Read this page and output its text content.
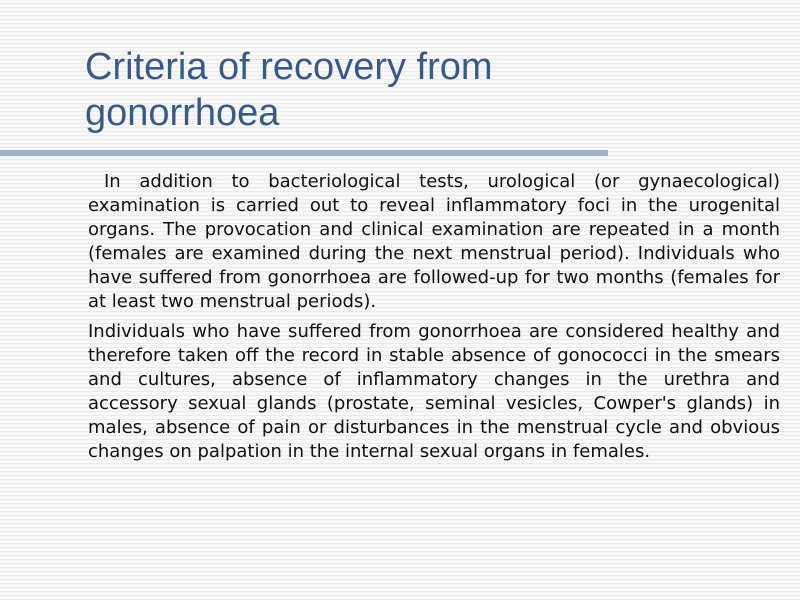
Criteria of recovery from gonorrhoea

In addition to bacteriological tests, urological (or gynaecological) examination is carried out to reveal inflammatory foci in the urogenital organs. The provocation and clinical examination are repeated in a month (females are examined during the next menstrual period). Individuals who have suffered from gonorrhoea are followed-up for two months (females for at least two menstrual periods).

Individuals who have suffered from gonorrhoea are considered healthy and therefore taken off the record in stable absence of gonococci in the smears and cultures, absence of inflammatory changes in the urethra and accessory sexual glands (prostate, seminal vesicles, Cowper's glands) in males, absence of pain or disturbances in the menstrual cycle and obvious changes on palpation in the internal sexual organs in females.
